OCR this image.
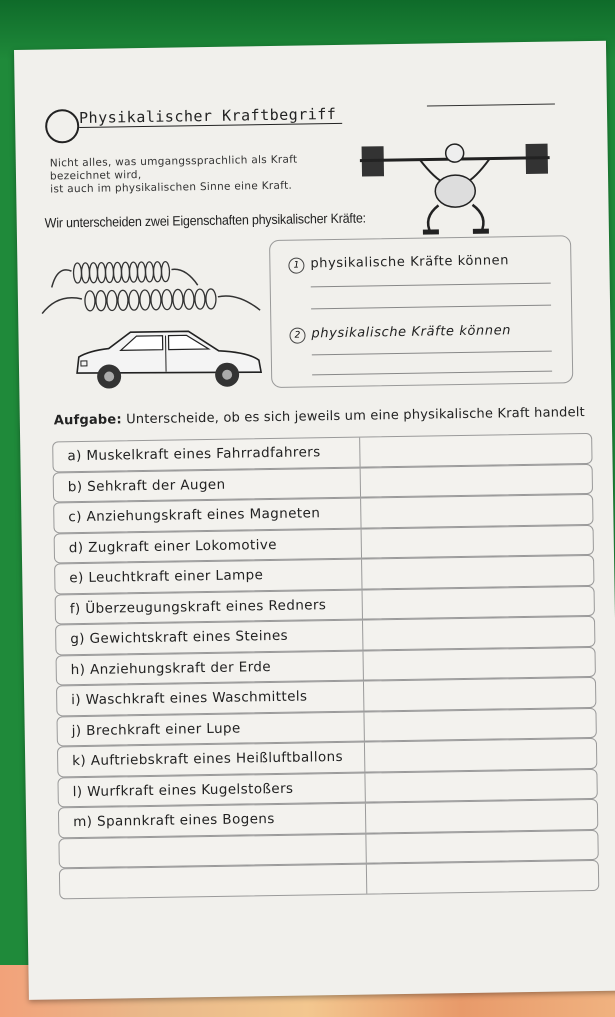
Physikalischer Kraftbegriff
Nicht alles, was umgangssprachlich als Kraft
bezeichnet wird,
ist auch im physikalischen Sinne eine Kraft.
Wir unterscheiden zwei Eigenschaften physikalischer Kräfte:
1 physikalische Kräfte können
2 physikalische Kräfte können
Aufgabe: Unterscheide, ob es sich jeweils um eine physikalische Kraft handelt
a) Muskelkraft eines Fahrradfahrers
b) Sehkraft der Augen
c) Anziehungskraft eines Magneten
d) Zugkraft einer Lokomotive
e) Leuchtkraft einer Lampe
f) Überzeugungskraft eines Redners
g) Gewichtskraft eines Steines
h) Anziehungskraft der Erde
i) Waschkraft eines Waschmittels
j) Brechkraft einer Lupe
k) Auftriebskraft eines Heißluftballons
l) Wurfkraft eines Kugelstoßers
m) Spannkraft eines Bogens
